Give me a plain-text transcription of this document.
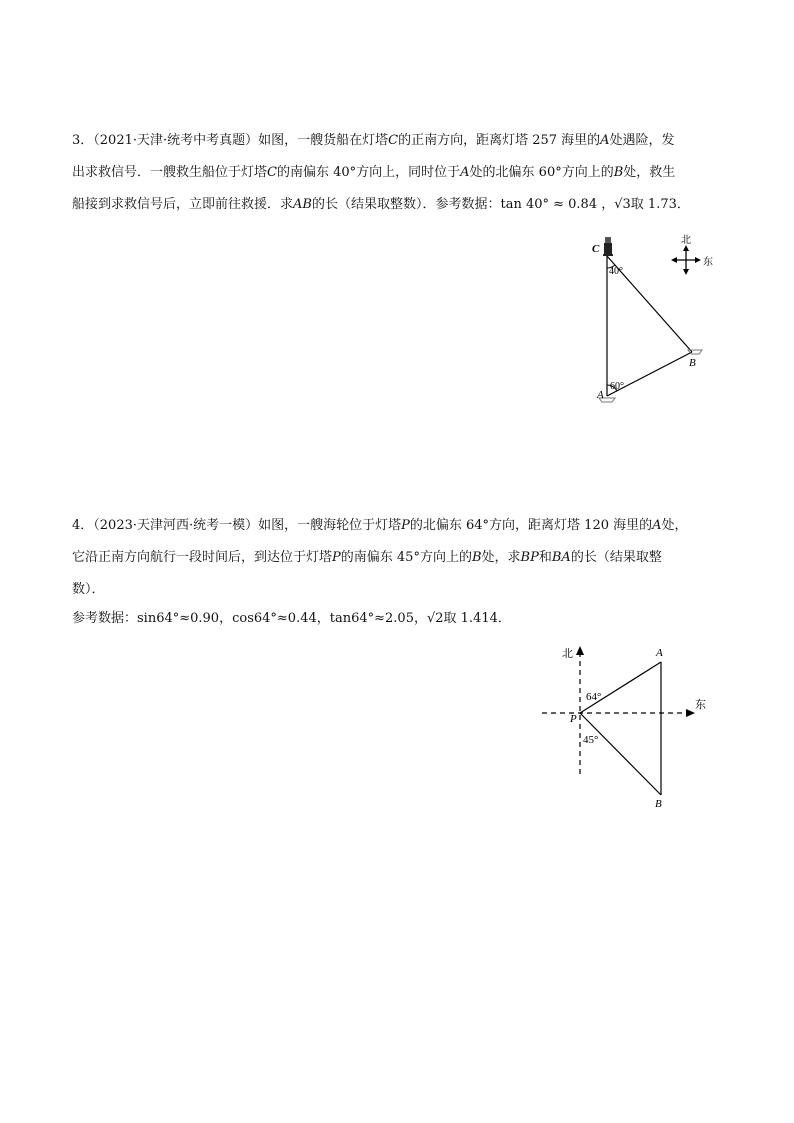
3．（2021·天津·统考中考真题）如图，一艘货船在灯塔C的正南方向，距离灯塔 257 海里的A处遇险，发

出求救信号．一艘救生船位于灯塔C的南偏东 40°方向上，同时位于A处的北偏东 60°方向上的B处，救生

船接到求救信号后，立即前往救援．求AB的长（结果取整数）．参考数据：tan 40° ≈ 0.84 ，√3取 1.73．

C
A
B
40°
60°
北
东

4．（2023·天津河西·统考一模）如图，一艘海轮位于灯塔P的北偏东 64°方向，距离灯塔 120 海里的A处，

它沿正南方向航行一段时间后，到达位于灯塔P的南偏东 45°方向上的B处，求BP和BA的长（结果取整

数）．

参考数据：sin64°≈0.90，cos64°≈0.44，tan64°≈2.05，√2取 1.414．

北
东
A
P
B
64°
45°
